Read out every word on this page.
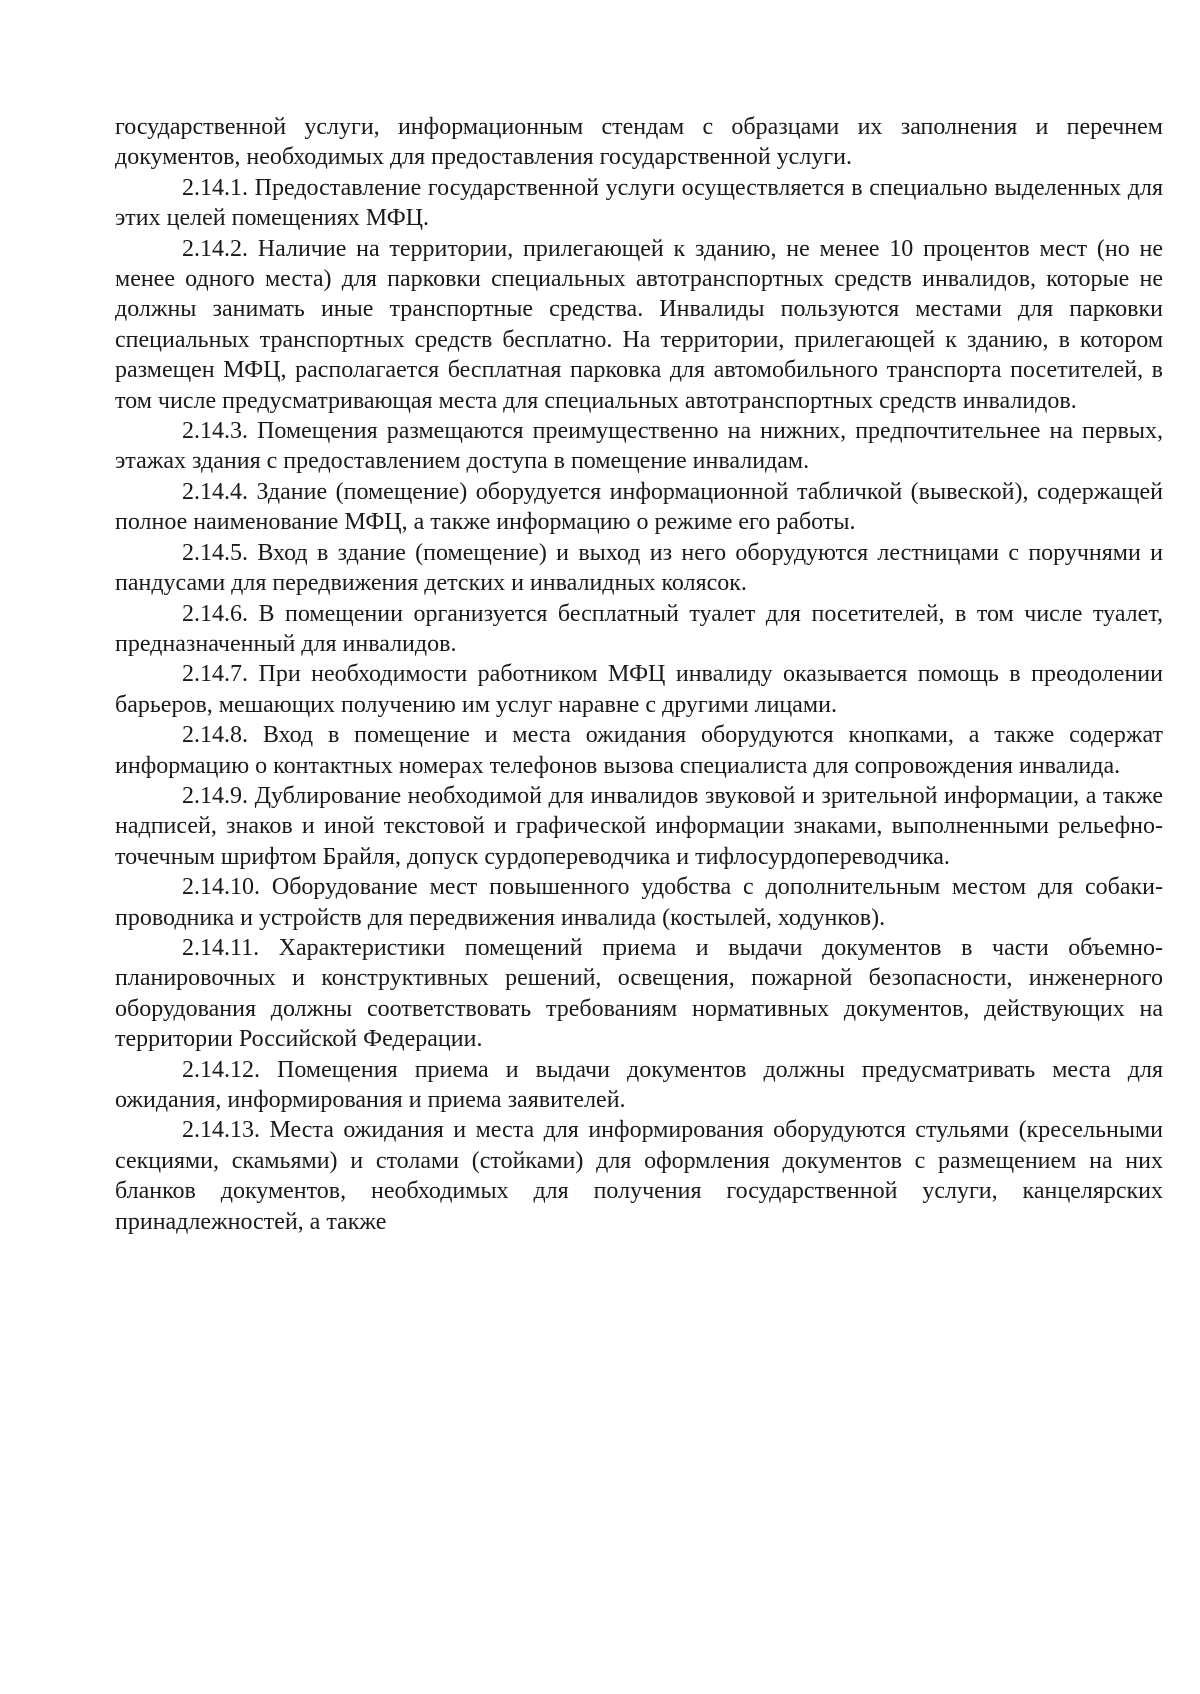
государственной услуги, информационным стендам с образцами их заполнения и перечнем документов, необходимых для предоставления государственной услуги.

2.14.1. Предоставление государственной услуги осуществляется в специально выделенных для этих целей помещениях МФЦ.

2.14.2. Наличие на территории, прилегающей к зданию, не менее 10 процентов мест (но не менее одного места) для парковки специальных автотранспортных средств инвалидов, которые не должны занимать иные транспортные средства. Инвалиды пользуются местами для парковки специальных транспортных средств бесплатно. На территории, прилегающей к зданию, в котором размещен МФЦ, располагается бесплатная парковка для автомобильного транспорта посетителей, в том числе предусматривающая места для специальных автотранспортных средств инвалидов.

2.14.3. Помещения размещаются преимущественно на нижних, предпочтительнее на первых, этажах здания с предоставлением доступа в помещение инвалидам.

2.14.4. Здание (помещение) оборудуется информационной табличкой (вывеской), содержащей полное наименование МФЦ, а также информацию о режиме его работы.

2.14.5. Вход в здание (помещение) и выход из него оборудуются лестницами с поручнями и пандусами для передвижения детских и инвалидных колясок.

2.14.6. В помещении организуется бесплатный туалет для посетителей, в том числе туалет, предназначенный для инвалидов.

2.14.7. При необходимости работником МФЦ инвалиду оказывается помощь в преодолении барьеров, мешающих получению им услуг наравне с другими лицами.

2.14.8. Вход в помещение и места ожидания оборудуются кнопками, а также содержат информацию о контактных номерах телефонов вызова специалиста для сопровождения инвалида.

2.14.9. Дублирование необходимой для инвалидов звуковой и зрительной информации, а также надписей, знаков и иной текстовой и графической информации знаками, выполненными рельефно-точечным шрифтом Брайля, допуск сурдопереводчика и тифлосурдопереводчика.

2.14.10. Оборудование мест повышенного удобства с дополнительным местом для собаки-проводника и устройств для передвижения инвалида (костылей, ходунков).

2.14.11. Характеристики помещений приема и выдачи документов в части объемно-планировочных и конструктивных решений, освещения, пожарной безопасности, инженерного оборудования должны соответствовать требованиям нормативных документов, действующих на территории Российской Федерации.

2.14.12. Помещения приема и выдачи документов должны предусматривать места для ожидания, информирования и приема заявителей.

2.14.13. Места ожидания и места для информирования оборудуются стульями (кресельными секциями, скамьями) и столами (стойками) для оформления документов с размещением на них бланков документов, необходимых для получения государственной услуги, канцелярских принадлежностей, а также
